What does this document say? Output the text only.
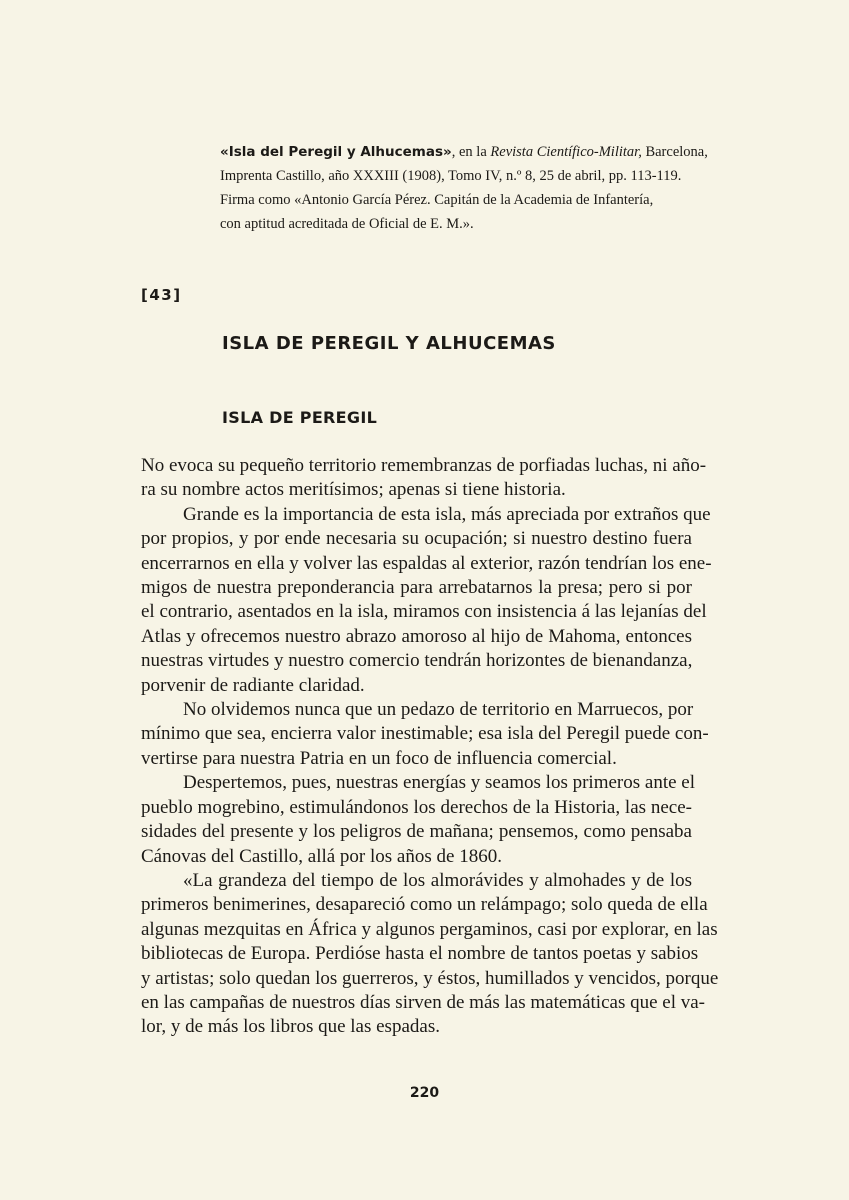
«Isla del Peregil y Alhucemas», en la Revista Científico-Militar, Barcelona,
Imprenta Castillo, año XXXIII (1908), Tomo IV, n.º 8, 25 de abril, pp. 113-119.
Firma como «Antonio García Pérez. Capitán de la Academia de Infantería,
con aptitud acreditada de Oficial de E. M.».
[43]
ISLA DE PEREGIL Y ALHUCEMAS
ISLA DE PEREGIL
No evoca su pequeño territorio remembranzas de porfiadas luchas, ni año-
ra su nombre actos meritísimos; apenas si tiene historia.
Grande es la importancia de esta isla, más apreciada por extraños que
por propios, y por ende necesaria su ocupación; si nuestro destino fuera
encerrarnos en ella y volver las espaldas al exterior, razón tendrían los ene-
migos de nuestra preponderancia para arrebatarnos la presa; pero si por
el contrario, asentados en la isla, miramos con insistencia á las lejanías del
Atlas y ofrecemos nuestro abrazo amoroso al hijo de Mahoma, entonces
nuestras virtudes y nuestro comercio tendrán horizontes de bienandanza,
porvenir de radiante claridad.
No olvidemos nunca que un pedazo de territorio en Marruecos, por
mínimo que sea, encierra valor inestimable; esa isla del Peregil puede con-
vertirse para nuestra Patria en un foco de influencia comercial.
Despertemos, pues, nuestras energías y seamos los primeros ante el
pueblo mogrebino, estimulándonos los derechos de la Historia, las nece-
sidades del presente y los peligros de mañana; pensemos, como pensaba
Cánovas del Castillo, allá por los años de 1860.
«La grandeza del tiempo de los almorávides y almohades y de los
primeros benimerines, desapareció como un relámpago; solo queda de ella
algunas mezquitas en África y algunos pergaminos, casi por explorar, en las
bibliotecas de Europa. Perdióse hasta el nombre de tantos poetas y sabios
y artistas; solo quedan los guerreros, y éstos, humillados y vencidos, porque
en las campañas de nuestros días sirven de más las matemáticas que el va-
lor, y de más los libros que las espadas.
220
